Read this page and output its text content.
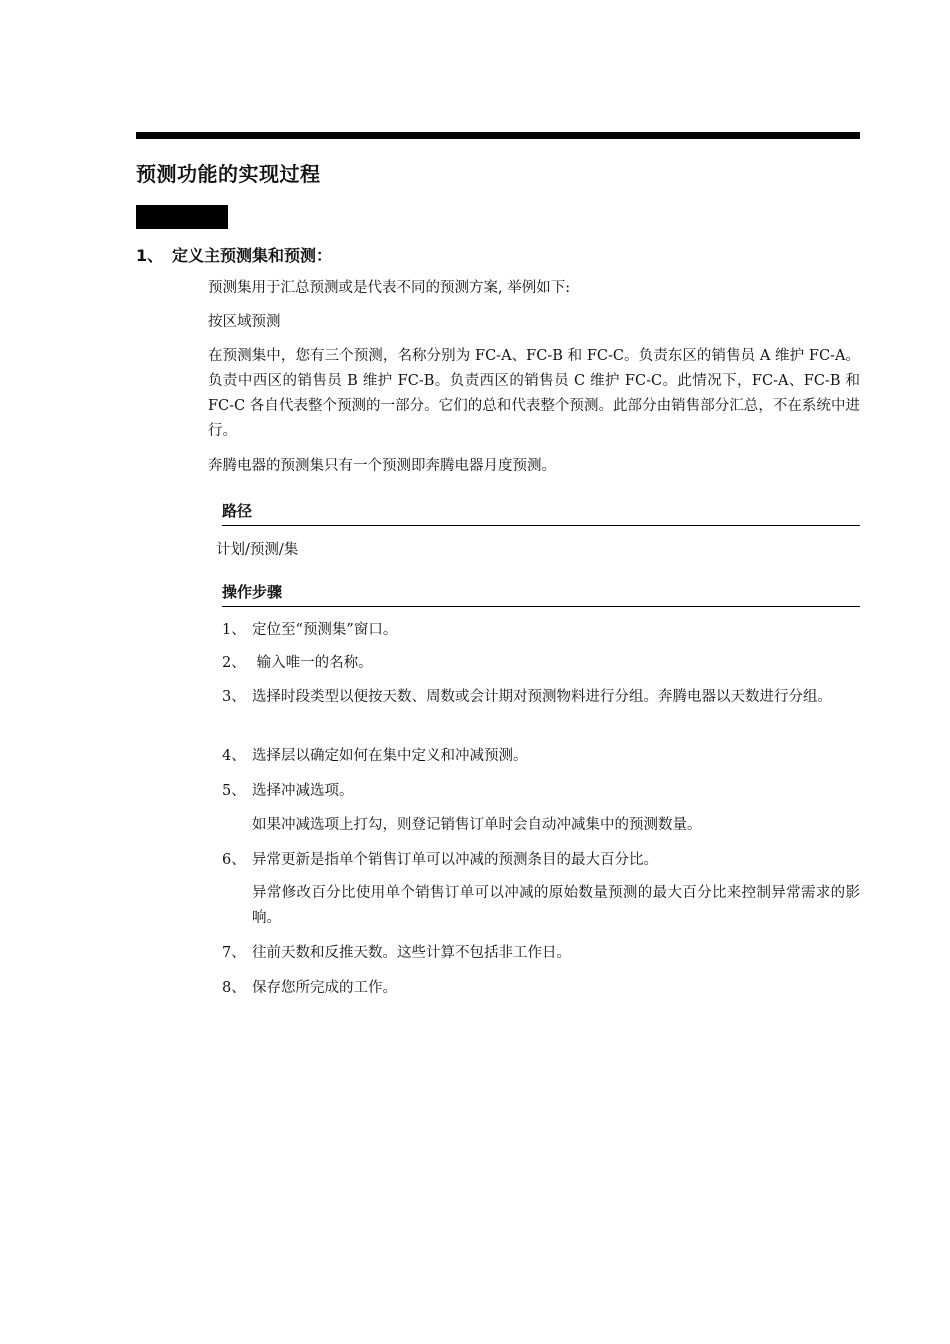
预测功能的实现过程
1、 定义主预测集和预测：
预测集用于汇总预测或是代表不同的预测方案, 举例如下:
按区域预测
在预测集中，您有三个预测，名称分别为 FC-A、FC-B 和 FC-C。负责东区的销售员 A 维护 FC-A。负责中西区的销售员 B 维护 FC-B。负责西区的销售员 C 维护 FC-C。此情况下，FC-A、FC-B 和 FC-C 各自代表整个预测的一部分。它们的总和代表整个预测。此部分由销售部分汇总，不在系统中进行。
奔腾电器的预测集只有一个预测即奔腾电器月度预测。
路径
计划/预测/集
操作步骤
1、 定位至“预测集”窗口。
2、 输入唯一的名称。
3、 选择时段类型以便按天数、周数或会计期对预测物料进行分组。奔腾电器以天数进行分组。
4、 选择层以确定如何在集中定义和冲减预测。
5、 选择冲减选项。
如果冲减选项上打勾，则登记销售订单时会自动冲减集中的预测数量。
6、 异常更新是指单个销售订单可以冲减的预测条目的最大百分比。
异常修改百分比使用单个销售订单可以冲减的原始数量预测的最大百分比来控制异常需求的影响。
7、 往前天数和反推天数。这些计算不包括非工作日。
8、 保存您所完成的工作。
